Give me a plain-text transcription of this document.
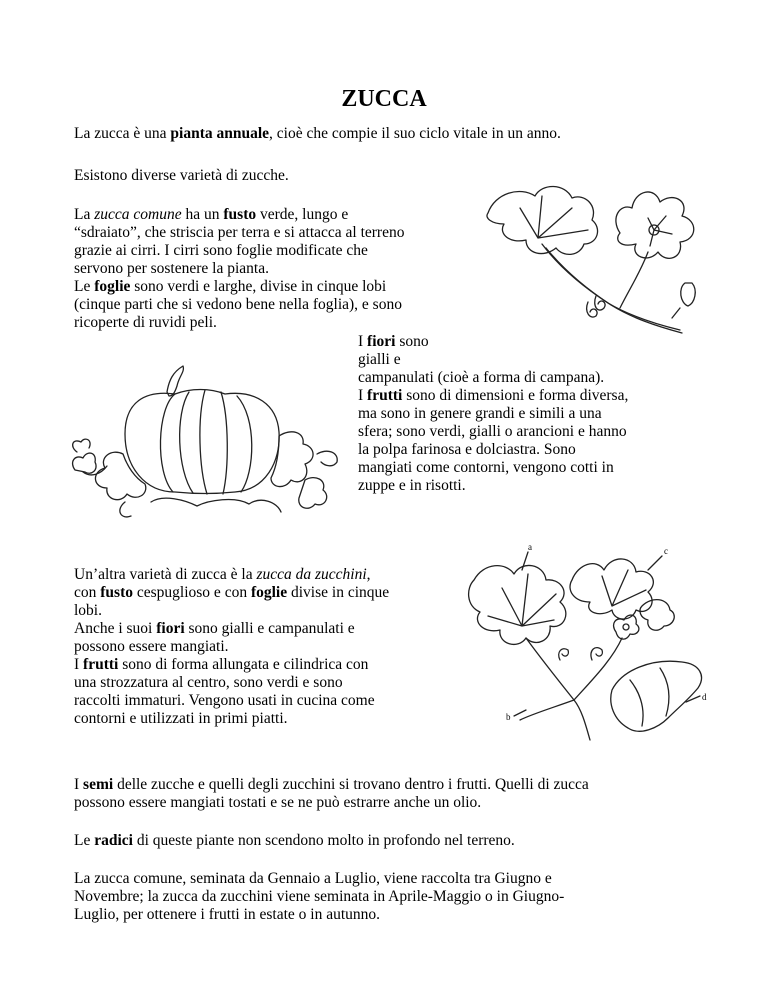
ZUCCA

La zucca è una pianta annuale, cioè che compie il suo ciclo vitale in un anno.

Esistono diverse varietà di zucche.

La zucca comune ha un fusto verde, lungo e

“sdraiato”, che striscia per terra e si attacca al terreno

grazie ai cirri. I cirri sono foglie modificate che

servono per sostenere la pianta.

Le foglie sono verdi e larghe, divise in cinque lobi

(cinque parti che si vedono bene nella foglia), e sono

ricoperte di ruvidi peli.

I fiori sono

gialli e

campanulati (cioè a forma di campana).

I frutti sono di dimensioni e forma diversa,

ma sono in genere grandi e simili a una

sfera; sono verdi, gialli o arancioni e hanno

la polpa farinosa e dolciastra. Sono

mangiati come contorni, vengono cotti in

zuppe e in risotti.

Un’altra varietà di zucca è la zucca da zucchini,

con fusto cespuglioso e con foglie divise in cinque

lobi.

Anche i suoi fiori sono gialli e campanulati e

possono essere mangiati.

I frutti sono di forma allungata e cilindrica con

una strozzatura al centro, sono verdi e sono

raccolti immaturi. Vengono usati in cucina come

contorni e utilizzati in primi piatti.

a	c
d
b

I semi delle zucche e quelli degli zucchini si trovano dentro i frutti. Quelli di zucca

possono essere mangiati tostati e se ne può estrarre anche un olio.

Le radici di queste piante non scendono molto in profondo nel terreno.

La zucca comune, seminata da Gennaio a Luglio, viene raccolta tra Giugno e

Novembre; la zucca da zucchini viene seminata in Aprile-Maggio o in Giugno-

Luglio, per ottenere i frutti in estate o in autunno.
